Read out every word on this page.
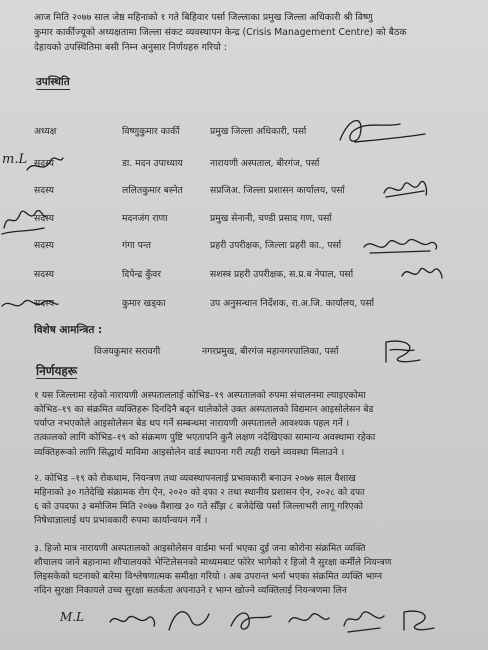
आज मिति २०७७ साल जेष्ठ महिनाको १ गते बिहिवार पर्सा जिल्लाका प्रमुख जिल्ला अधिकारी श्री विष्णु
कुमार कार्कीज्यूको अध्यक्षतामा जिल्ला संकट व्यवस्थापन केन्द्र (Crisis Management Centre) को बैठक
देहायको उपस्थितिमा बसी निम्न अनुसार निर्णयहरु गरियो :
उपस्थिति
अध्यक्ष	विष्णुकुमार कार्की	प्रमुख जिल्ला अधिकारी, पर्सा
सदस्य	डा. मदन उपाध्याय	नारायणी अस्पताल, बीरगंज, पर्सा
सदस्य	ललितकुमार बस्नेत	सप्रजिअ. जिल्ला प्रशासन कार्यालय, पर्सा
सदस्य	मदनजंग राणा	प्रमुख सेनानी, चण्डी प्रसाद गण, पर्सा
सदस्य	गंगा पन्त	प्रहरी उपरीक्षक, जिल्ला प्रहरी का., पर्सा
सदस्य	दिपेन्द्र कुँवर	सशस्त्र प्रहरी उपरीक्षक, स.प्र.ब नेपाल, पर्सा
सदस्य	कुमार खड्का	उप अनुसन्धान निर्देशक, रा.अ.जि. कार्यालय, पर्सा
विशेष आमन्त्रित :
विजयकुमार सरावगी	नगरप्रमुख, बीरगंज महानगरपालिका, पर्सा
निर्णयहरू
१ यस जिल्लामा रहेको नारायणी अस्पताललाई कोभिड–१९ अस्पतालको रुपमा संचालनमा ल्याइएकोमा
कोभिड–१९ का संक्रमित व्यक्तिहरू दिनदिनै बढ्न थालेकोले उक्त अस्पतालको विद्यमान आइसोलेसन बेड
पर्याप्त नभएकोले आइसोलेसन बेड थप गर्ने सम्बन्धमा नारायणी अस्पतालले आवश्यक पहल गर्ने ।
तत्कालको लागि कोभिड–१९ को संक्रमण पुष्टि भएतापनि कुनै लक्षण नदेखिएका सामान्य अवस्थामा रहेका
व्यक्तिहरूको लागि सिद्धार्थ माविमा आइसोलेन वार्ड स्थापना गरी त्यही राख्ने व्यवस्था मिलाउने ।
२. कोभिड –१९ को रोकथाम, नियन्त्रण तथा व्यवस्थापनलाई प्रभावकारी बनाउन २०७७ साल वैशाख
महिनाको ३० गतेदेखि संक्रामक रोग ऐन, २०२० को दफा २ तथा स्थानीय प्रशासन ऐन, २०२८ को दफा
६ को उपदफा ३ बमोजिम मिति २०७७ वैशाख ३० गते सौँझ ८ बजेदेखि पर्सा जिल्लाभरी लागू गरिएको
निषेधाज्ञालाई थप प्रभावकारी रुपमा कार्यान्वयन गर्ने ।
३. हिजो मात्र नारायणी अस्पतालको आइसोलेसन वार्डमा भर्ना भएका दुई जना कोरोना संक्रमित व्यक्ति
शौचालय जाने बहानामा शौचालयको भेन्टिलेसनको माध्यमबाट फोरेर भागेको र हिजो नै सुरक्षा कर्मीले नियन्त्रण
लिइसकेको घटनाको बारेमा विश्लेषणात्मक समीक्षा गरियो । अब उपरान्त भर्ना भएका संक्रमित व्यक्ति भाग्न
नदिन सुरक्षा निकायले उच्च सुरक्षा सतर्कता अपनाउने र भाग्न खोज्ने व्यक्तिलाई नियन्त्रणमा लिन
m.L
M.L
